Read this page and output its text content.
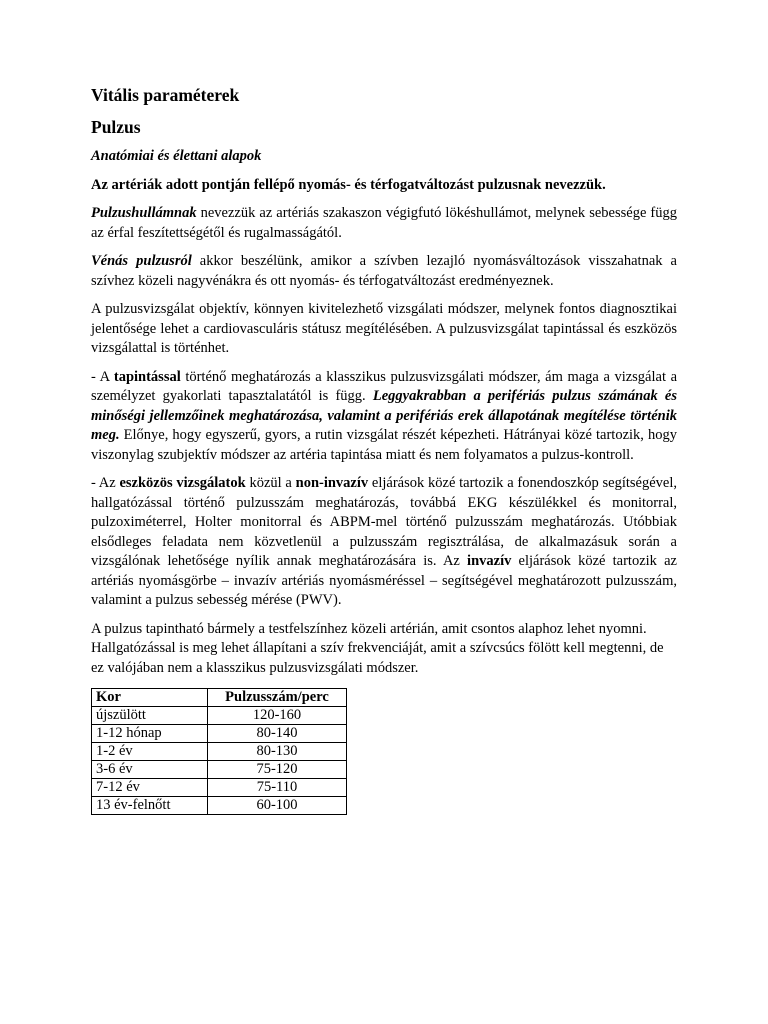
Vitális paraméterek
Pulzus
Anatómiai és élettani alapok

Az artériák adott pontján fellépő nyomás- és térfogatváltozást pulzusnak nevezzük.

Pulzushullámnak nevezzük az artériás szakaszon végigfutó lökéshullámot, melynek sebessége függ az érfal feszítettségétől és rugalmasságától.

Vénás pulzusról akkor beszélünk, amikor a szívben lezajló nyomásváltozások visszahatnak a szívhez közeli nagyvénákra és ott nyomás- és térfogatváltozást eredményeznek.

A pulzusvizsgálat objektív, könnyen kivitelezhető vizsgálati módszer, melynek fontos diagnosztikai jelentősége lehet a cardiovasculáris státusz megítélésében. A pulzusvizsgálat tapintással és eszközös vizsgálattal is történhet.

- A tapintással történő meghatározás a klasszikus pulzusvizsgálati módszer, ám maga a vizsgálat a személyzet gyakorlati tapasztalatától is függ. Leggyakrabban a perifériás pulzus számának és minőségi jellemzőinek meghatározása, valamint a perifériás erek állapotának megítélése történik meg. Előnye, hogy egyszerű, gyors, a rutin vizsgálat részét képezheti. Hátrányai közé tartozik, hogy viszonylag szubjektív módszer az artéria tapintása miatt és nem folyamatos a pulzus-kontroll.

- Az eszközös vizsgálatok közül a non-invazív eljárások közé tartozik a fonendoszkóp segítségével, hallgatózással történő pulzusszám meghatározás, továbbá EKG készülékkel és monitorral, pulzoximéterrel, Holter monitorral és ABPM-mel történő pulzusszám meghatározás. Utóbbiak elsődleges feladata nem közvetlenül a pulzusszám regisztrálása, de alkalmazásuk során a vizsgálónak lehetősége nyílik annak meghatározására is. Az invazív eljárások közé tartozik az artériás nyomásgörbe – invazív artériás nyomásméréssel – segítségével meghatározott pulzusszám, valamint a pulzus sebesség mérése (PWV).

A pulzus tapintható bármely a testfelszínhez közeli artérián, amit csontos alaphoz lehet nyomni. Hallgatózással is meg lehet állapítani a szív frekvenciáját, amit a szívcsúcs fölött kell megtenni, de ez valójában nem a klasszikus pulzusvizsgálati módszer.

Kor	Pulzusszám/perc
újszülött	120-160
1-12 hónap	80-140
1-2 év	80-130
3-6 év	75-120
7-12 év	75-110
13 év-felnőtt	60-100
